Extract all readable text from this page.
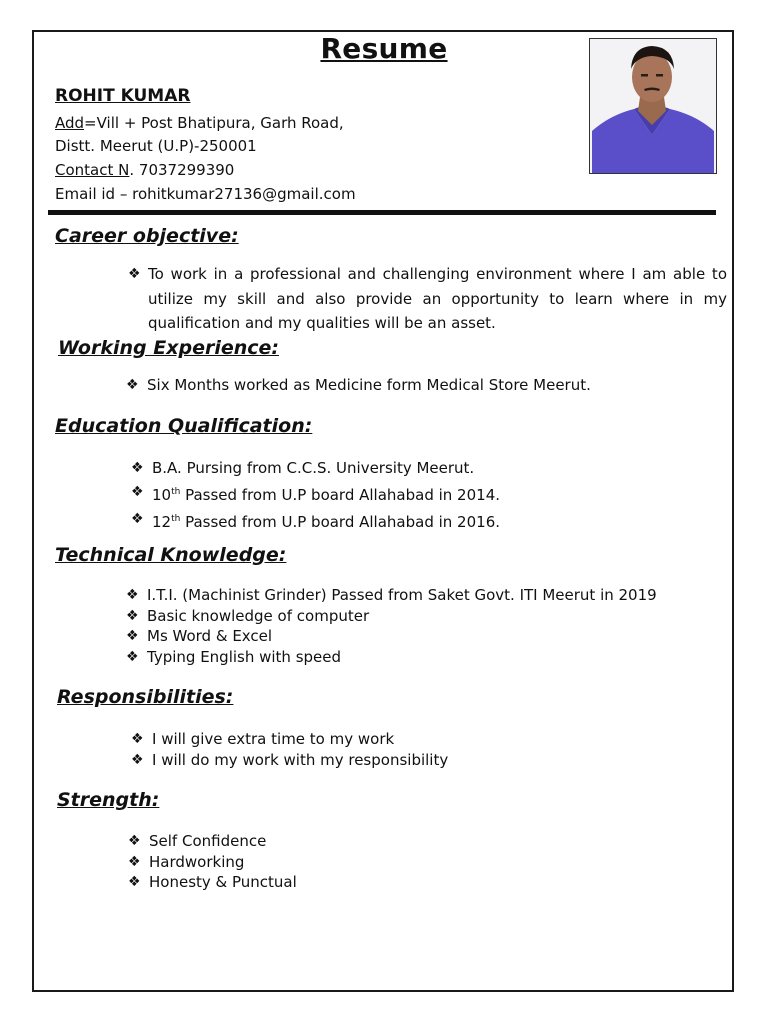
Resume
ROHIT KUMAR
Add=Vill + Post Bhatipura, Garh Road,
Distt. Meerut (U.P)-250001
Contact N. 7037299390
Email id – rohitkumar27136@gmail.com
Career objective:
❖ To work in a professional and challenging environment where I am able to utilize my skill and also provide an opportunity to learn where in my qualification and my qualities will be an asset.
Working Experience:
❖ Six Months worked as Medicine form Medical Store Meerut.
Education Qualification:
❖ B.A. Pursing from C.C.S. University Meerut.
❖ 10th Passed from U.P board Allahabad in 2014.
❖ 12th Passed from U.P board Allahabad in 2016.
Technical Knowledge:
❖ I.T.I. (Machinist Grinder) Passed from Saket Govt. ITI Meerut in 2019
❖ Basic knowledge of computer
❖ Ms Word & Excel
❖ Typing English with speed
Responsibilities:
❖ I will give extra time to my work
❖ I will do my work with my responsibility
Strength:
❖ Self Confidence
❖ Hardworking
❖ Honesty & Punctual
